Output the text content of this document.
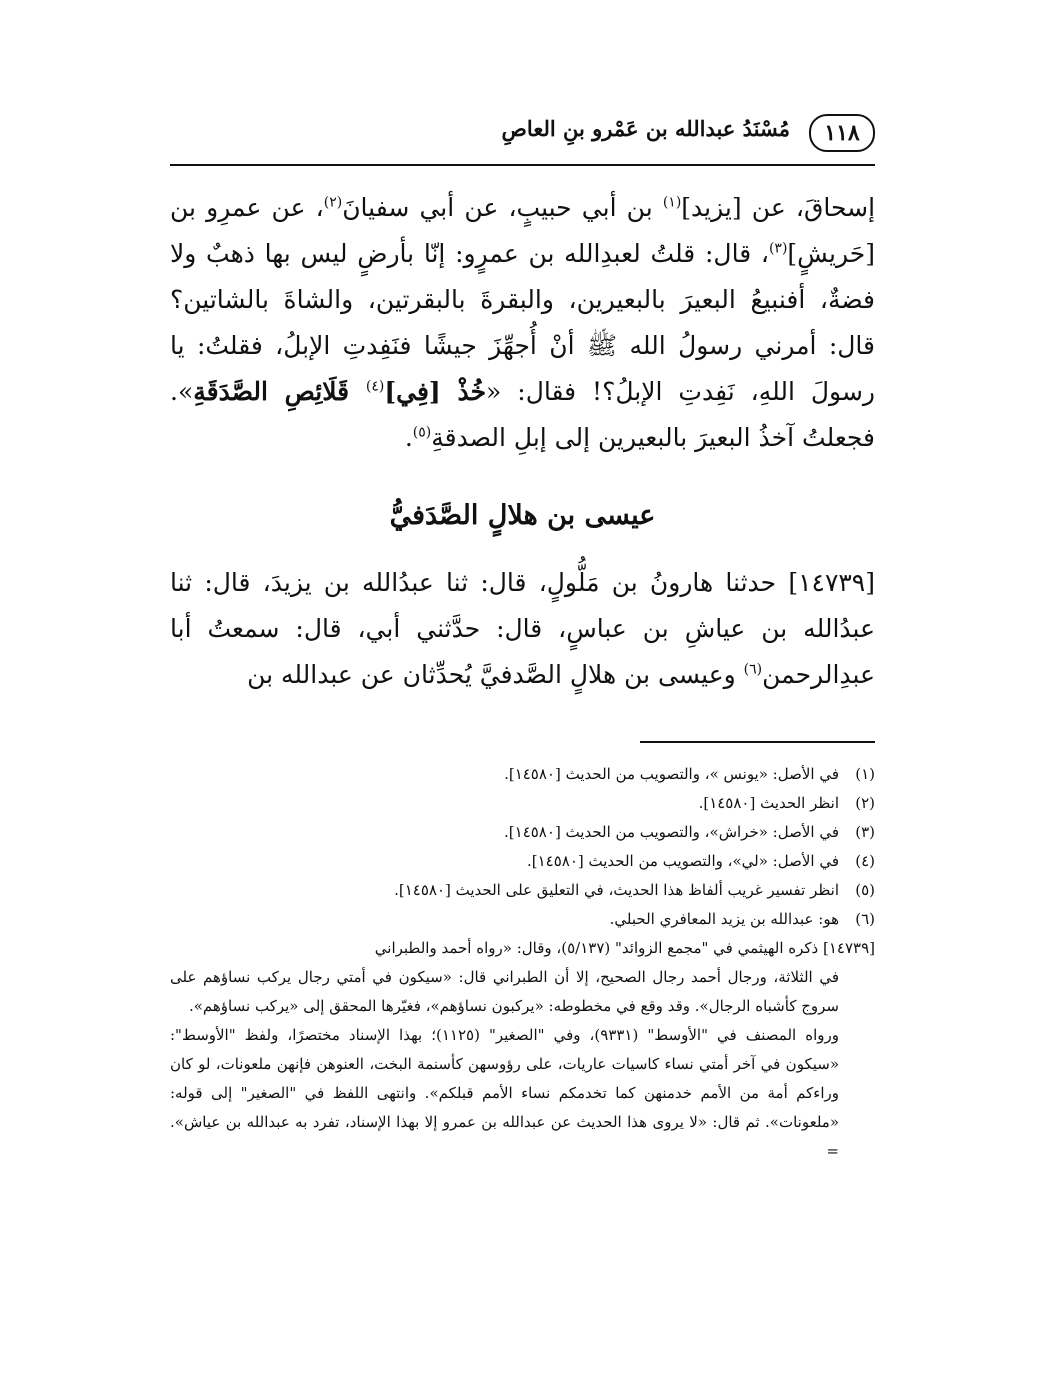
١١٨
مُسْنَدُ عبدالله بن عَمْرو بنِ العاصِ

إسحاقَ، عن [يزيد]$^{(١)}$ بن أبي حبيبٍ، عن أبي سفيانَ$^{(٢)}$، عن عمرِو بن [حَريشٍ]$^{(٣)}$، قال: قلتُ لعبدِالله بن عمرٍو: إنّا بأرضٍ ليس بها ذهبٌ ولا فضةٌ، أفنبيعُ البعيرَ بالبعيرين، والبقرةَ بالبقرتين، والشاةَ بالشاتين؟ قال: أمرني رسولُ الله ﷺ أنْ أُجهِّزَ جيشًا فنَفِدتِ الإبلُ، فقلتُ: يا رسولَ اللهِ، نَفِدتِ الإبلُ؟! فقال: «خُذْ [فِي]$^{(٤)}$ قَلَائِصِ الصَّدَقَةِ». فجعلتُ آخذُ البعيرَ بالبعيرين إلى إبلِ الصدقةِ$^{(٥)}$.

عيسى بن هلالٍ الصَّدَفيُّ

[١٤٧٣٩] حدثنا هارونُ بن مَلُّولٍ، قال: ثنا عبدُالله بن يزيدَ، قال: ثنا عبدُالله بن عياشِ بن عباسٍ، قال: حدَّثني أبي، قال: سمعتُ أبا عبدِالرحمن$^{(٦)}$ وعيسى بن هلالٍ الصَّدفيَّ يُحدِّثان عن عبدالله بن

(١)في الأصل: «يونس »، والتصويب من الحديث [١٤٥٨٠].
(٢)انظر الحديث [١٤٥٨٠].
(٣)في الأصل: «خراش»، والتصويب من الحديث [١٤٥٨٠].
(٤)في الأصل: «لي»، والتصويب من الحديث [١٤٥٨٠].
(٥)انظر تفسير غريب ألفاظ هذا الحديث، في التعليق على الحديث [١٤٥٨٠].
(٦)هو: عبدالله بن يزيد المعافري الحبلي.

[١٤٧٣٩] ذكره الهيثمي في "مجمع الزوائد" (٥/١٣٧)، وقال: «رواه أحمد والطبراني

في الثلاثة، ورجال أحمد رجال الصحيح، إلا أن الطبراني قال: «سيكون في أمتي رجال يركب نساؤهم على سروج كأشباه الرجال». وقد وقع في مخطوطه: «يركبون نساؤهم»، فغيّرها المحقق إلى «يركب نساؤهم».

ورواه المصنف في "الأوسط" (٩٣٣١)، وفي "الصغير" (١١٢٥)؛ بهذا الإسناد مختصرًا، ولفظ "الأوسط": «سيكون في آخر أمتي نساء كاسيات عاريات، على رؤوسهن كأسنمة البخت، العنوهن فإنهن ملعونات، لو كان وراءكم أمة من الأمم خدمنهن كما تخدمكم نساء الأمم قبلكم». وانتهى اللفظ في "الصغير" إلى قوله: «ملعونات». ثم قال: «لا يروى هذا الحديث عن عبدالله بن عمرو إلا بهذا الإسناد، تفرد به عبدالله بن عياش». =
